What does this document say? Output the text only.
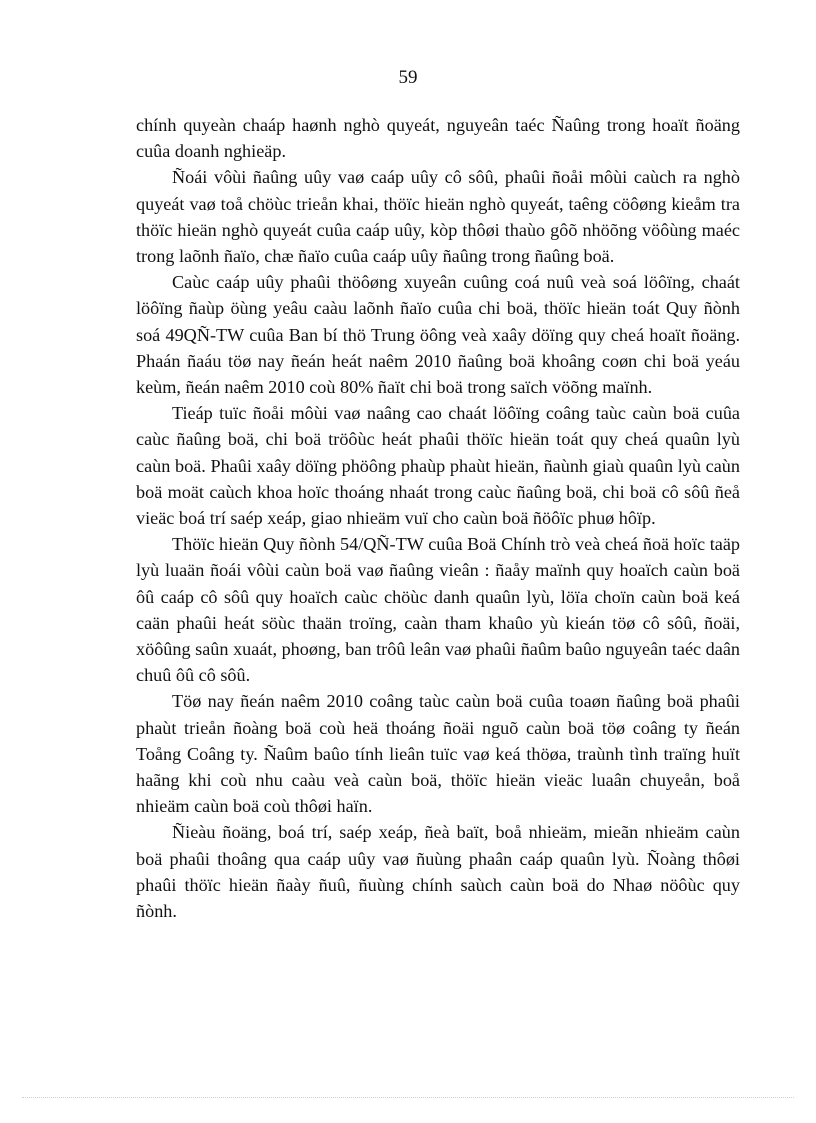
59

chính quyeàn chaáp haønh nghò quyeát, nguyeân taéc Ñaûng trong hoaït ñoäng cuûa doanh nghieäp.

Ñoái vôùi ñaûng uûy vaø caáp uûy cô sôû, phaûi ñoåi môùi caùch ra nghò quyeát vaø toå chöùc trieån khai, thöïc hieän nghò quyeát, taêng cöôøng kieåm tra thöïc hieän nghò quyeát cuûa caáp uûy, kòp thôøi thaùo gôõ nhöõng vöôùng maéc trong laõnh ñaïo, chæ ñaïo cuûa caáp uûy ñaûng trong ñaûng boä.

Caùc caáp uûy phaûi thöôøng xuyeân cuûng coá nuû veà soá löôïng, chaát löôïng ñaùp öùng yeâu caàu laõnh ñaïo cuûa chi boä, thöïc hieän toát Quy ñònh soá 49QÑ-TW cuûa Ban bí thö Trung öông veà xaây döïng quy cheá hoaït ñoäng. Phaán ñaáu töø nay ñeán heát naêm 2010 ñaûng boä khoâng coøn chi boä yeáu keùm, ñeán naêm 2010 coù 80% ñaït chi boä trong saïch vöõng maïnh.

Tieáp tuïc ñoåi môùi vaø naâng cao chaát löôïng coâng taùc caùn boä cuûa caùc ñaûng boä, chi boä tröôùc heát phaûi thöïc hieän toát quy cheá quaûn lyù caùn boä. Phaûi xaây döïng phöông phaùp phaùt hieän, ñaùnh giaù quaûn lyù caùn boä moät caùch khoa hoïc thoáng nhaát trong caùc ñaûng boä, chi boä cô sôû ñeå vieäc boá trí saép xeáp, giao nhieäm vuï cho caùn boä ñöôïc phuø hôïp.

Thöïc hieän Quy ñònh 54/QÑ-TW cuûa Boä Chính trò veà cheá ñoä hoïc taäp lyù luaän ñoái vôùi caùn boä vaø ñaûng vieân : ñaåy maïnh quy hoaïch caùn boä ôû caáp cô sôû quy hoaïch caùc chöùc danh quaûn lyù, löïa choïn caùn boä keá caän phaûi heát söùc thaän troïng, caàn tham khaûo yù kieán töø cô sôû, ñoäi, xöôûng saûn xuaát, phoøng, ban trôû leân vaø phaûi ñaûm baûo nguyeân taéc daân chuû ôû cô sôû.

Töø nay ñeán naêm 2010 coâng taùc caùn boä cuûa toaøn ñaûng boä phaûi phaùt trieån ñoàng boä coù heä thoáng ñoäi nguõ caùn boä töø coâng ty ñeán Toång Coâng ty. Ñaûm baûo tính lieân tuïc vaø keá thöøa, traùnh tình traïng huït haãng khi coù nhu caàu veà caùn boä, thöïc hieän vieäc luaân chuyeån, boå nhieäm caùn boä coù thôøi haïn.

Ñieàu ñoäng, boá trí, saép xeáp, ñeà baït, boå nhieäm, mieãn nhieäm caùn boä phaûi thoâng qua caáp uûy vaø ñuùng phaân caáp quaûn lyù. Ñoàng thôøi phaûi thöïc hieän ñaày ñuû, ñuùng chính saùch caùn boä do Nhaø nöôùc quy ñònh.
